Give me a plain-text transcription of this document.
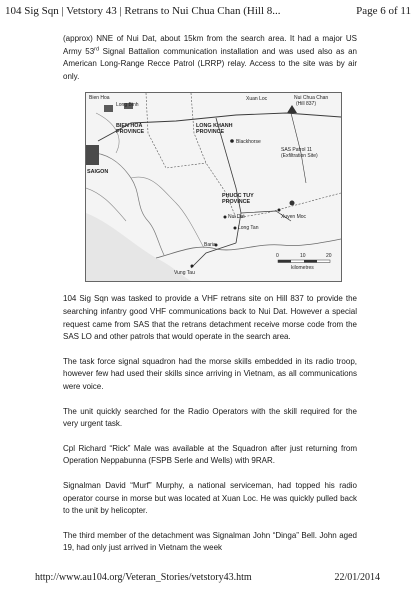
104 Sig Sqn | Vetstory 43 | Retrans to Nui Chua Chan (Hill 8...	Page 6 of 11

(approx) NNE of Nui Dat, about 15km from the search area. It had a major US Army 53rd Signal Battalion communication installation and was used also as an American Long-Range Recce Patrol (LRRP) relay. Access to the site was by air only.

Bien Hoa
Long Binh
BIEN HOA PROVINCE
LONG KHANH PROVINCE
Xuan Loc	Nui Chua Chan
(Hill 837)
Blackhorse
SAS Patrol 11 (Exfiltration Site)
SAIGON
PHUOC TUY PROVINCE
Nui Dat
Long Tan
Baria
Xuyen Moc
Vung Tau
0	10	20
kilometres

104 Sig Sqn was tasked to provide a VHF retrans site on Hill 837 to provide the searching infantry good VHF communications back to Nui Dat. However a special request came from SAS that the retrans detachment receive morse code from the SAS LO and other patrols that would operate in the search area.

The task force signal squadron had the morse skills embedded in its radio troop, however few had used their skills since arriving in Vietnam, as all communications were voice.

The unit quickly searched for the Radio Operators with the skill required for the very urgent task.

Cpl Richard “Rick” Male was available at the Squadron after just returning from Operation Neppabunna (FSPB Serle and Wells) with 9RAR.

Signalman David “Murf” Murphy, a national serviceman, had topped his radio operator course in morse but was located at Xuan Loc. He was quickly pulled back to the unit by helicopter.

The third member of the detachment was Signalman John “Dinga” Bell. John aged 19, had only just arrived in Vietnam the week

http://www.au104.org/Veteran_Stories/vetstory43.htm	22/01/2014
